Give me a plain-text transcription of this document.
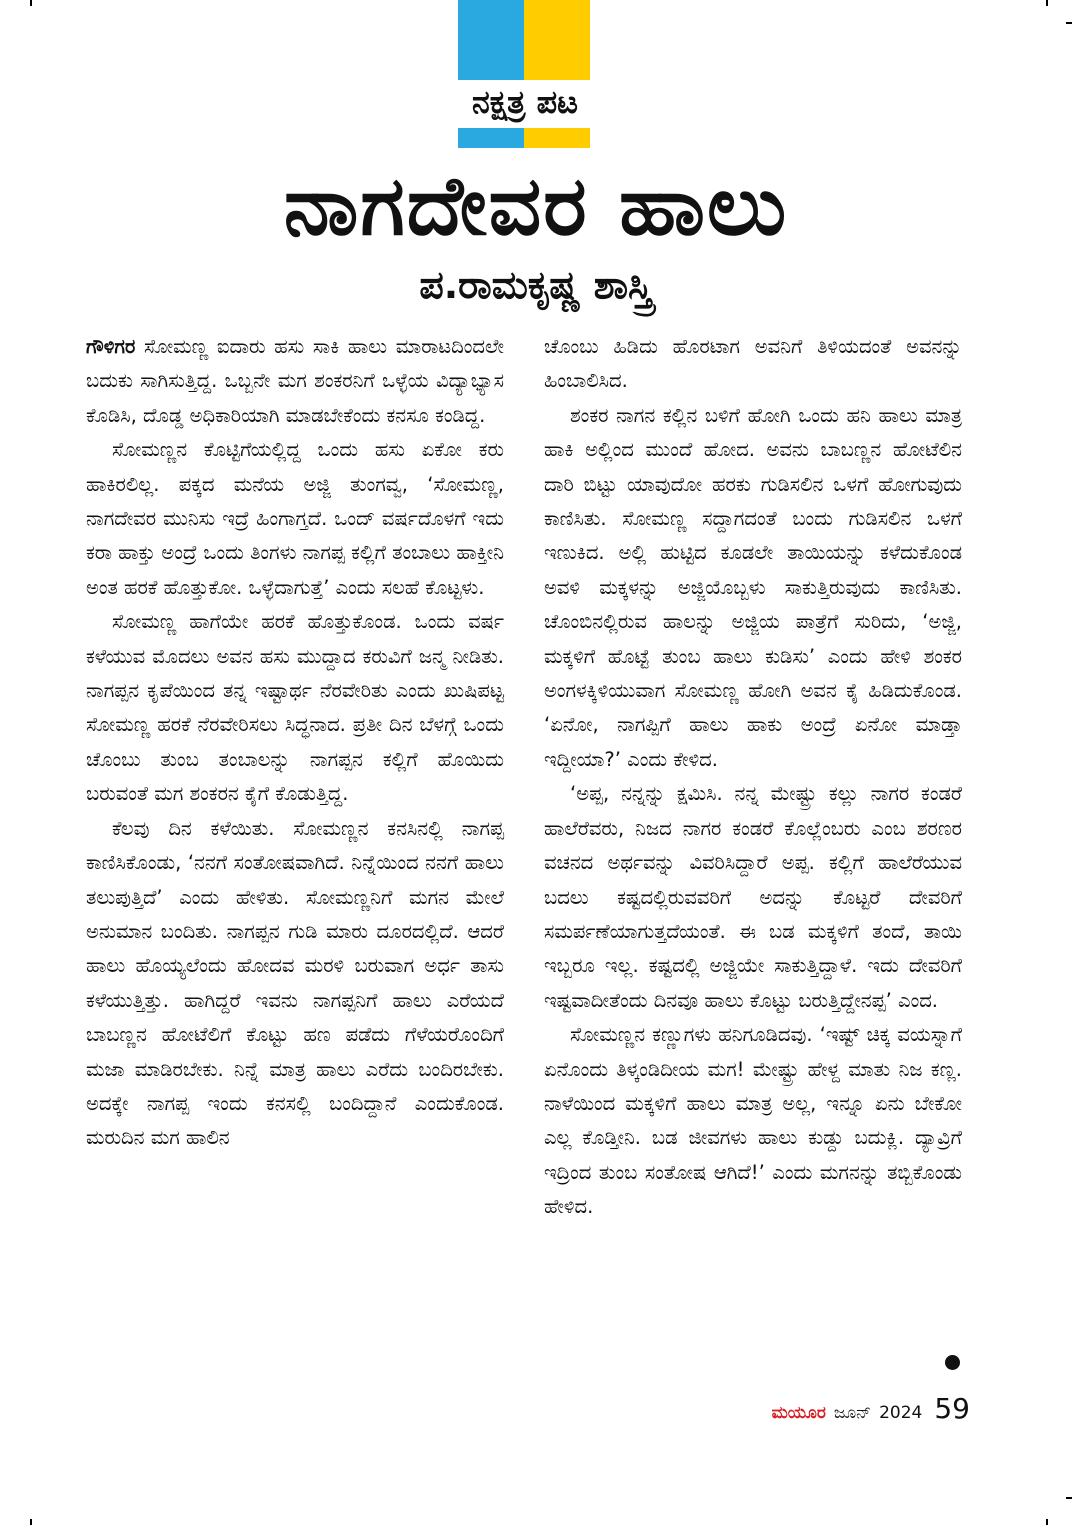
ನಕ್ಷತ್ರ ಪಟ
ನಾಗದೇವರ ಹಾಲು
ಪ.ರಾಮಕೃಷ್ಣ ಶಾಸ್ತ್ರಿ

ಗೌಳಿಗರ ಸೋಮಣ್ಣ ಐದಾರು ಹಸು ಸಾಕಿ ಹಾಲು ಮಾರಾಟದಿಂದಲೇ ಬದುಕು ಸಾಗಿಸುತ್ತಿದ್ದ. ಒಬ್ಬನೇ ಮಗ ಶಂಕರನಿಗೆ ಒಳ್ಳೆಯ ವಿದ್ಯಾಭ್ಯಾಸ ಕೊಡಿಸಿ, ದೊಡ್ಡ ಅಧಿಕಾರಿಯಾಗಿ ಮಾಡಬೇಕೆಂದು ಕನಸೂ ಕಂಡಿದ್ದ.

ಸೋಮಣ್ಣನ ಕೊಟ್ಟಿಗೆಯಲ್ಲಿದ್ದ ಒಂದು ಹಸು ಏಕೋ ಕರು ಹಾಕಿರಲಿಲ್ಲ. ಪಕ್ಕದ ಮನೆಯ ಅಜ್ಜಿ ತುಂಗವ್ವ, ‘ಸೋಮಣ್ಣ, ನಾಗದೇವರ ಮುನಿಸು ಇದ್ರೆ ಹಿಂಗಾಗ್ತದೆ. ಒಂದ್ ವರ್ಷದೊಳಗೆ ಇದು ಕರಾ ಹಾಕ್ತು ಅಂದ್ರೆ ಒಂದು ತಿಂಗಳು ನಾಗಪ್ಪ ಕಲ್ಲಿಗೆ ತಂಬಾಲು ಹಾಕ್ತೀನಿ ಅಂತ ಹರಕೆ ಹೊತ್ತುಕೋ. ಒಳ್ಳೆದಾಗುತ್ತೆ’ ಎಂದು ಸಲಹೆ ಕೊಟ್ಟಳು.

ಸೋಮಣ್ಣ ಹಾಗೆಯೇ ಹರಕೆ ಹೊತ್ತುಕೊಂಡ. ಒಂದು ವರ್ಷ ಕಳೆಯುವ ಮೊದಲು ಅವನ ಹಸು ಮುದ್ದಾದ ಕರುವಿಗೆ ಜನ್ಮ ನೀಡಿತು. ನಾಗಪ್ಪನ ಕೃಪೆಯಿಂದ ತನ್ನ ಇಷ್ಟಾರ್ಥ ನೆರವೇರಿತು ಎಂದು ಖುಷಿಪಟ್ಟ ಸೋಮಣ್ಣ ಹರಕೆ ನೆರವೇರಿಸಲು ಸಿದ್ಧನಾದ. ಪ್ರತೀ ದಿನ ಬೆಳಗ್ಗೆ ಒಂದು ಚೊಂಬು ತುಂಬ ತಂಬಾಲನ್ನು ನಾಗಪ್ಪನ ಕಲ್ಲಿಗೆ ಹೊಯಿದು ಬರುವಂತೆ ಮಗ ಶಂಕರನ ಕೈಗೆ ಕೊಡುತ್ತಿದ್ದ.

ಕೆಲವು ದಿನ ಕಳೆಯಿತು. ಸೋಮಣ್ಣನ ಕನಸಿನಲ್ಲಿ ನಾಗಪ್ಪ ಕಾಣಿಸಿಕೊಂಡು, ‘ನನಗೆ ಸಂತೋಷವಾಗಿದೆ. ನಿನ್ನೆಯಿಂದ ನನಗೆ ಹಾಲು ತಲುಪುತ್ತಿದೆ’ ಎಂದು ಹೇಳಿತು. ಸೋಮಣ್ಣನಿಗೆ ಮಗನ ಮೇಲೆ ಅನುಮಾನ ಬಂದಿತು. ನಾಗಪ್ಪನ ಗುಡಿ ಮಾರು ದೂರದಲ್ಲಿದೆ. ಆದರೆ ಹಾಲು ಹೊಯ್ಯಲೆಂದು ಹೋದವ ಮರಳಿ ಬರುವಾಗ ಅರ್ಧ ತಾಸು ಕಳೆಯುತ್ತಿತ್ತು. ಹಾಗಿದ್ದರೆ ಇವನು ನಾಗಪ್ಪನಿಗೆ ಹಾಲು ಎರೆಯದೆ ಬಾಬಣ್ಣನ ಹೋಟೆಲಿಗೆ ಕೊಟ್ಟು ಹಣ ಪಡೆದು ಗೆಳೆಯರೊಂದಿಗೆ ಮಜಾ ಮಾಡಿರಬೇಕು. ನಿನ್ನೆ ಮಾತ್ರ ಹಾಲು ಎರೆದು ಬಂದಿರಬೇಕು. ಅದಕ್ಕೇ ನಾಗಪ್ಪ ಇಂದು ಕನಸಲ್ಲಿ ಬಂದಿದ್ದಾನೆ ಎಂದುಕೊಂಡ. ಮರುದಿನ ಮಗ ಹಾಲಿನ

ಚೊಂಬು ಹಿಡಿದು ಹೊರಟಾಗ ಅವನಿಗೆ ತಿಳಿಯದಂತೆ ಅವನನ್ನು ಹಿಂಬಾಲಿಸಿದ.

ಶಂಕರ ನಾಗನ ಕಲ್ಲಿನ ಬಳಿಗೆ ಹೋಗಿ ಒಂದು ಹನಿ ಹಾಲು ಮಾತ್ರ ಹಾಕಿ ಅಲ್ಲಿಂದ ಮುಂದೆ ಹೋದ. ಅವನು ಬಾಬಣ್ಣನ ಹೋಟೆಲಿನ ದಾರಿ ಬಿಟ್ಟು ಯಾವುದೋ ಹರಕು ಗುಡಿಸಲಿನ ಒಳಗೆ ಹೋಗುವುದು ಕಾಣಿಸಿತು. ಸೋಮಣ್ಣ ಸದ್ದಾಗದಂತೆ ಬಂದು ಗುಡಿಸಲಿನ ಒಳಗೆ ಇಣುಕಿದ. ಅಲ್ಲಿ ಹುಟ್ಟಿದ ಕೂಡಲೇ ತಾಯಿಯನ್ನು ಕಳೆದುಕೊಂಡ ಅವಳಿ ಮಕ್ಕಳನ್ನು ಅಜ್ಜಿಯೊಬ್ಬಳು ಸಾಕುತ್ತಿರುವುದು ಕಾಣಿಸಿತು. ಚೊಂಬಿನಲ್ಲಿರುವ ಹಾಲನ್ನು ಅಜ್ಜಿಯ ಪಾತ್ರೆಗೆ ಸುರಿದು, ‘ಅಜ್ಜಿ, ಮಕ್ಕಳಿಗೆ ಹೊಟ್ಟೆ ತುಂಬ ಹಾಲು ಕುಡಿಸು’ ಎಂದು ಹೇಳಿ ಶಂಕರ ಅಂಗಳಕ್ಕಿಳಿಯುವಾಗ ಸೋಮಣ್ಣ ಹೋಗಿ ಅವನ ಕೈ ಹಿಡಿದುಕೊಂಡ. ‘ಏನೋ, ನಾಗಪ್ಪಿಗೆ ಹಾಲು ಹಾಕು ಅಂದ್ರೆ ಏನೋ ಮಾಡ್ತಾ ಇದ್ದೀಯಾ?’ ಎಂದು ಕೇಳಿದ.

‘ಅಪ್ಪ, ನನ್ನನ್ನು ಕ್ಷಮಿಸಿ. ನನ್ನ ಮೇಷ್ಟ್ರು ಕಲ್ಲು ನಾಗರ ಕಂಡರೆ ಹಾಲೆರೆವರು, ನಿಜದ ನಾಗರ ಕಂಡರೆ ಕೊಲ್ಲೆಂಬರು ಎಂಬ ಶರಣರ ವಚನದ ಅರ್ಥವನ್ನು ವಿವರಿಸಿದ್ದಾರೆ ಅಪ್ಪ. ಕಲ್ಲಿಗೆ ಹಾಲೆರೆಯುವ ಬದಲು ಕಷ್ಟದಲ್ಲಿರುವವರಿಗೆ ಅದನ್ನು ಕೊಟ್ಟರೆ ದೇವರಿಗೆ ಸಮರ್ಪಣೆಯಾಗುತ್ತದೆಯಂತೆ. ಈ ಬಡ ಮಕ್ಕಳಿಗೆ ತಂದೆ, ತಾಯಿ ಇಬ್ಬರೂ ಇಲ್ಲ. ಕಷ್ಟದಲ್ಲಿ ಅಜ್ಜಿಯೇ ಸಾಕುತ್ತಿದ್ದಾಳೆ. ಇದು ದೇವರಿಗೆ ಇಷ್ಟವಾದೀತೆಂದು ದಿನವೂ ಹಾಲು ಕೊಟ್ಟು ಬರುತ್ತಿದ್ದೇನಪ್ಪ’ ಎಂದ.

ಸೋಮಣ್ಣನ ಕಣ್ಣುಗಳು ಹನಿಗೂಡಿದವು. ‘ಇಷ್ಟ್ ಚಿಕ್ಕ ವಯಸ್ನಾಗೆ ಏನೊಂದು ತಿಳ್ಕಂಡಿದೀಯ ಮಗ! ಮೇಷ್ಟ್ರು ಹೇಳ್ದ ಮಾತು ನಿಜ ಕಣ್ಲ. ನಾಳೆಯಿಂದ ಮಕ್ಕಳಿಗೆ ಹಾಲು ಮಾತ್ರ ಅಲ್ಲ, ಇನ್ನೂ ಏನು ಬೇಕೋ ಎಲ್ಲ ಕೊಡ್ತೀನಿ. ಬಡ ಜೀವಗಳು ಹಾಲು ಕುಡ್ದು ಬದುಕ್ಲಿ. ದ್ಯಾವ್ರಿಗೆ ಇದ್ರಿಂದ ತುಂಬ ಸಂತೋಷ ಆಗಿದೆ!’ ಎಂದು ಮಗನನ್ನು ತಬ್ಬಿಕೊಂಡು ಹೇಳಿದ.

ಮಯೂರ ಜೂನ್ 2024 59
